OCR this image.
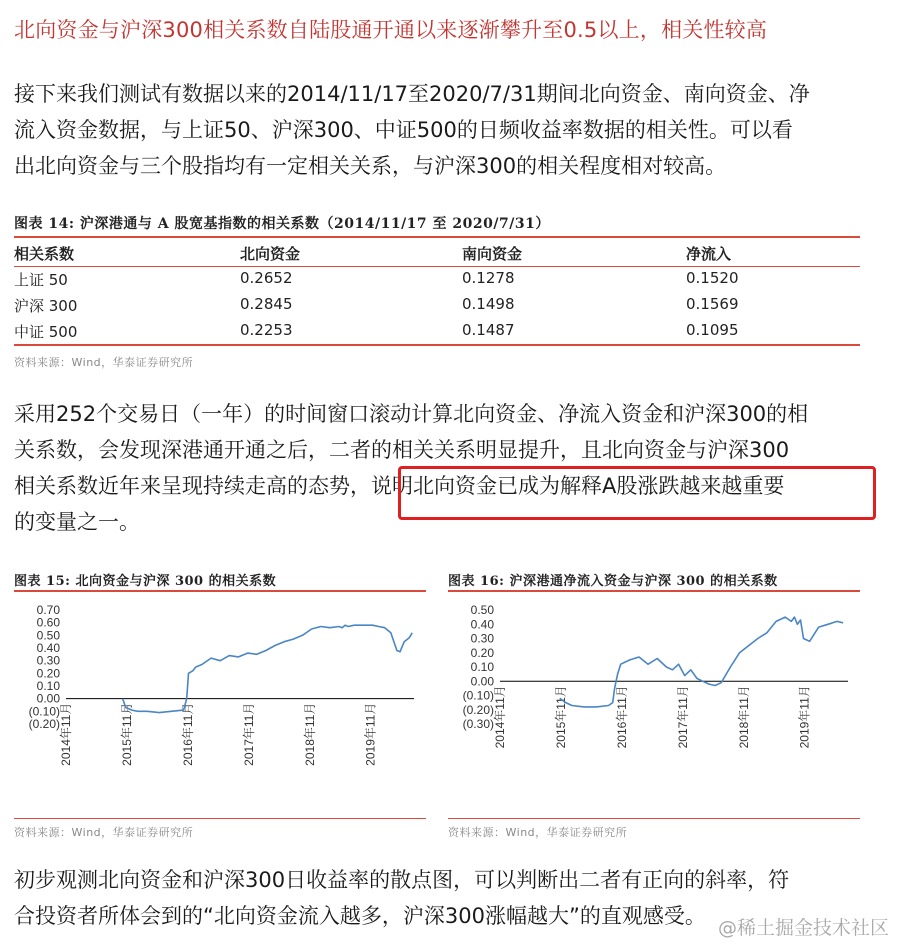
北向资金与沪深300相关系数自陆股通开通以来逐渐攀升至0.5以上，相关性较高

接下来我们测试有数据以来的2014/11/17至2020/7/31期间北向资金、南向资金、净

流入资金数据，与上证50、沪深300、中证500的日频收益率数据的相关性。可以看

出北向资金与三个股指均有一定相关关系，与沪深300的相关程度相对较高。

图表 14: 沪深港通与 A 股宽基指数的相关系数（2014/11/17 至 2020/7/31）
相关系数	北向资金	南向资金	净流入
上证 50	0.2652	0.1278	0.1520
沪深 300	0.2845	0.1498	0.1569
中证 500	0.2253	0.1487	0.1095
资料来源：Wind，华泰证券研究所

采用252个交易日（一年）的时间窗口滚动计算北向资金、净流入资金和沪深300的相

关系数，会发现深港通开通之后，二者的相关关系明显提升，且北向资金与沪深300

相关系数近年来呈现持续走高的态势，说明北向资金已成为解释A股涨跌越来越重要

的变量之一。

图表 15: 北向资金与沪深 300 的相关系数
0.70
0.60
0.50
0.40
0.30
0.20
0.10
0.00
(0.10)
(0.20) 2014年11月	2015年11月	2016年11月	2017年11月	2018年11月	2019年11月
资料来源：Wind，华泰证券研究所
图表 16: 沪深港通净流入资金与沪深 300 的相关系数
0.50
0.40
0.30
0.20
0.10
0.00
(0.10)
(0.20)
(0.30) 2014年11月	2015年11月	2016年11月	2017年11月	2018年11月	2019年11月
资料来源：Wind，华泰证券研究所

初步观测北向资金和沪深300日收益率的散点图，可以判断出二者有正向的斜率，符

合投资者所体会到的“北向资金流入越多，沪深300涨幅越大”的直观感受。 @稀土掘金技术社区
